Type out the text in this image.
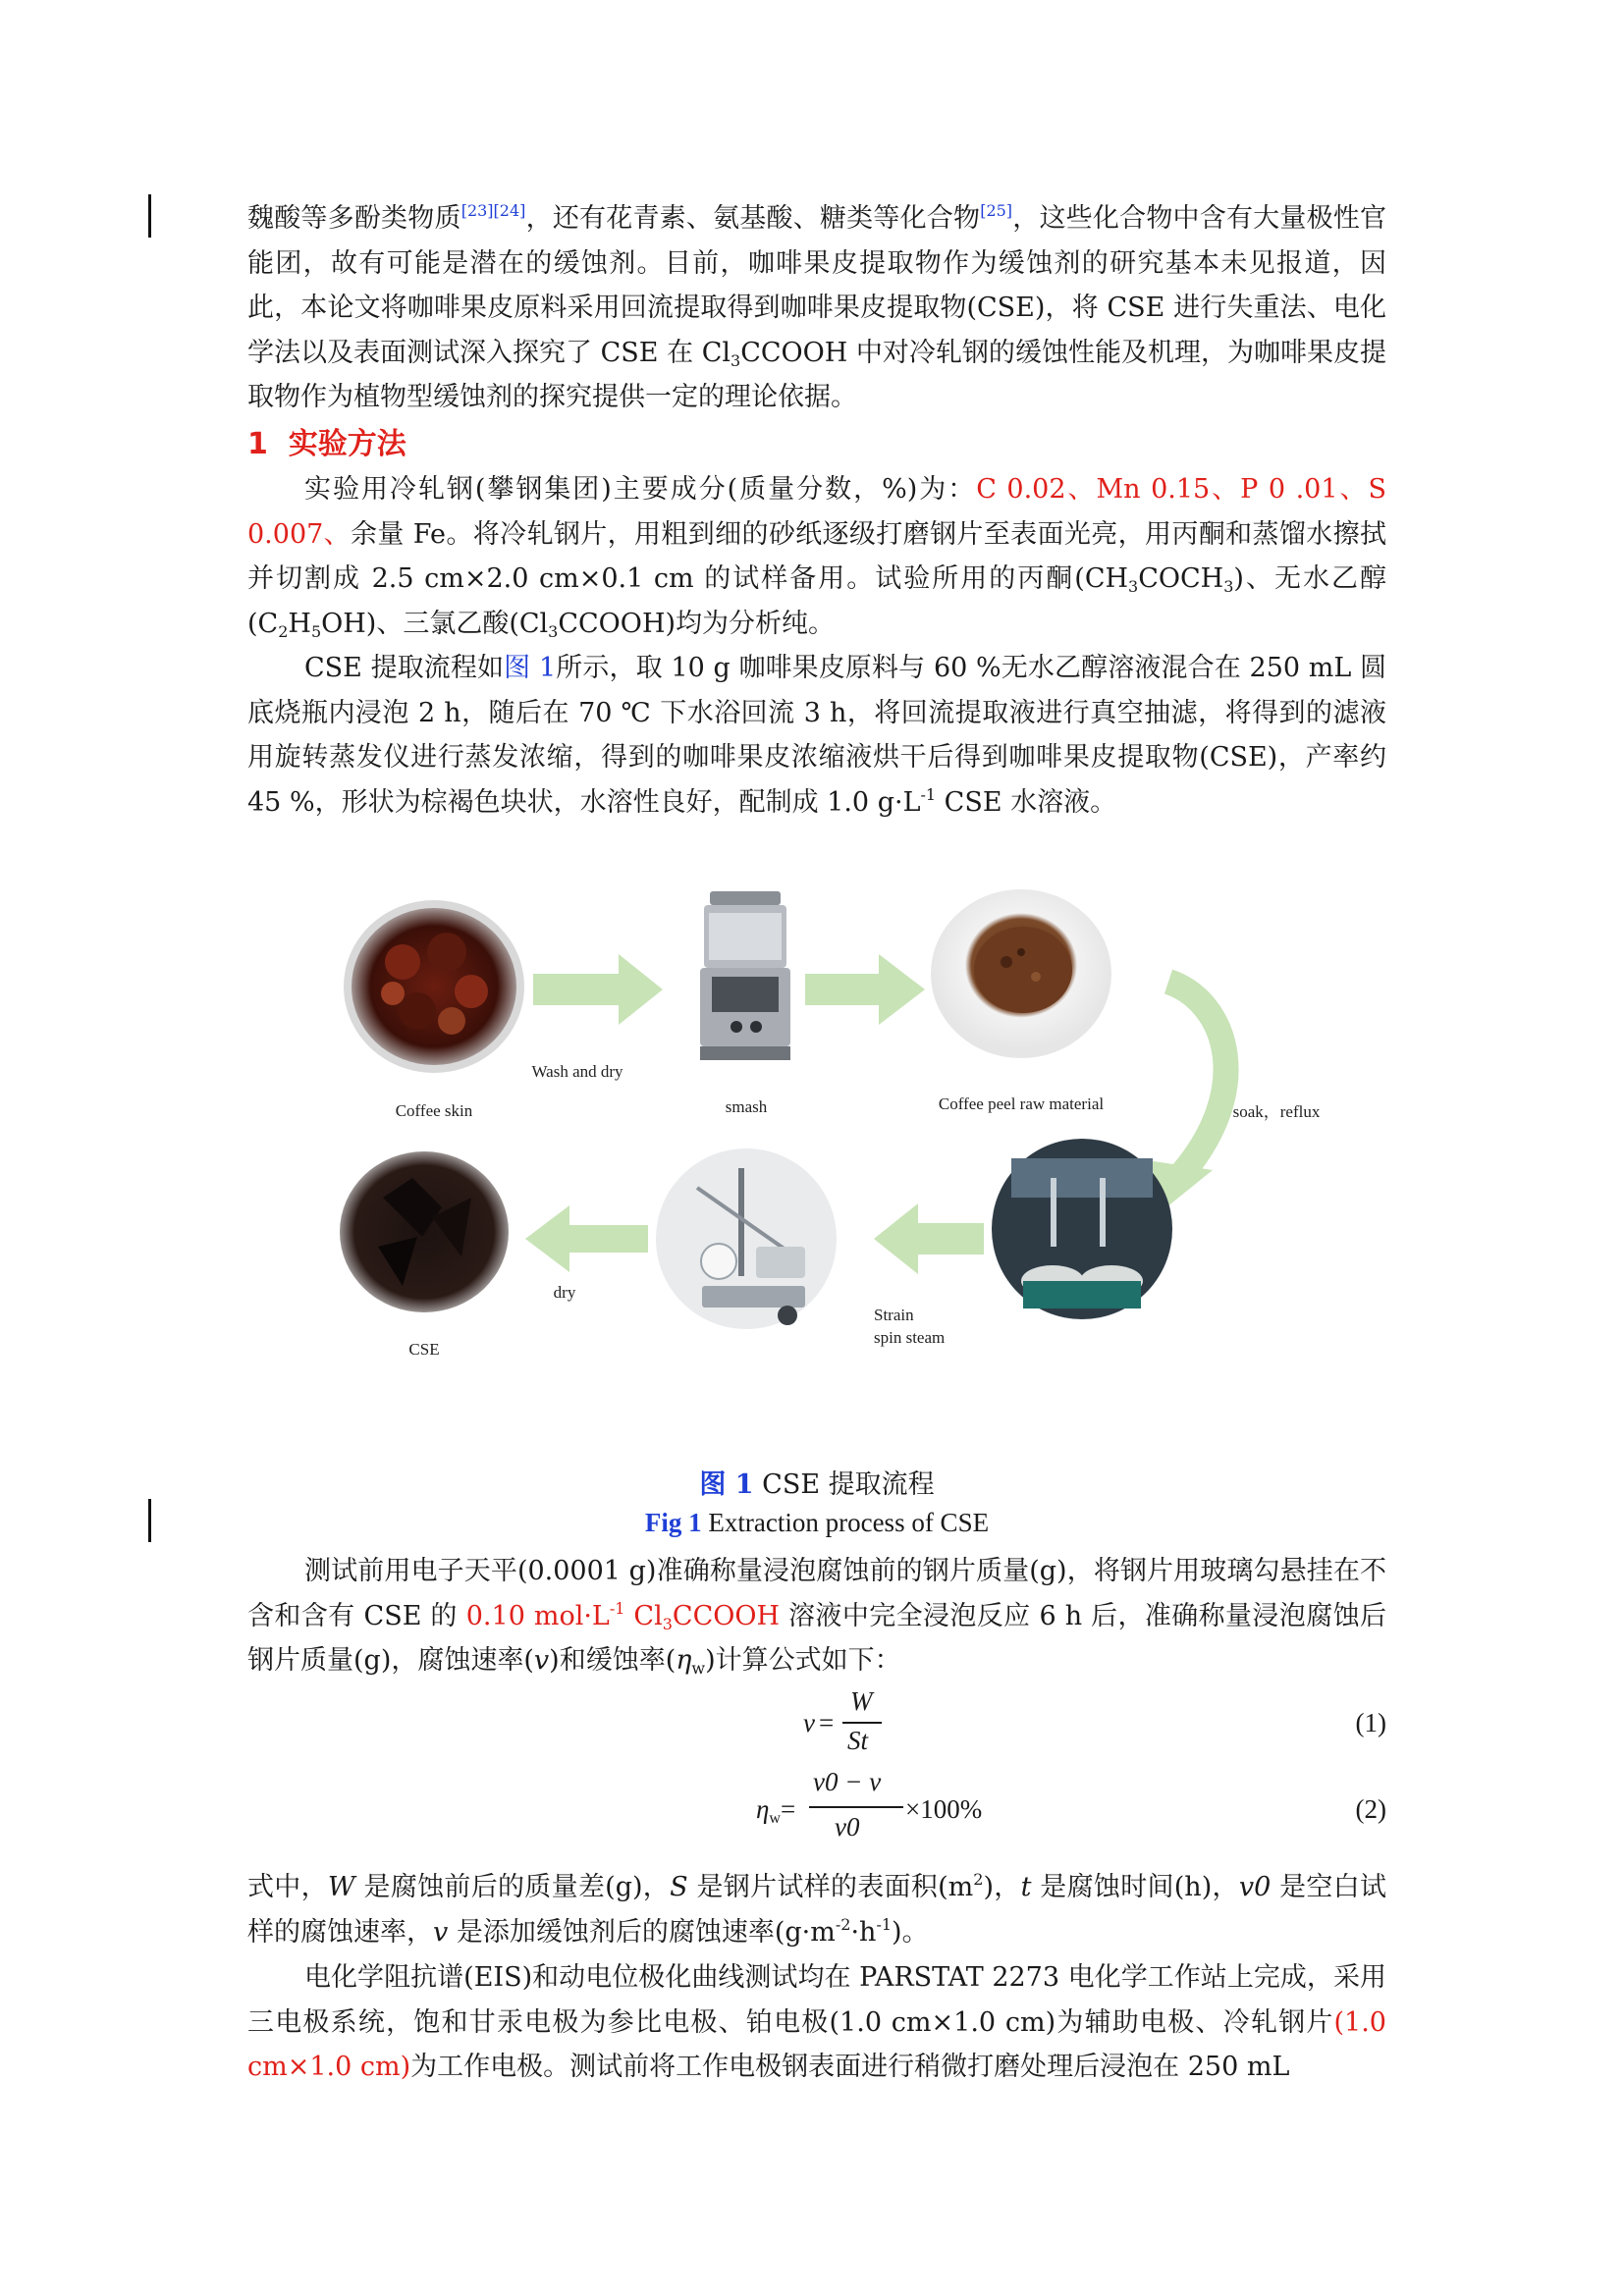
魏酸等多酚类物质[23][24]，还有花青素、氨基酸、糖类等化合物[25]，这些化合物中含有大量极性官能团，故有可能是潜在的缓蚀剂。目前，咖啡果皮提取物作为缓蚀剂的研究基本未见报道，因此，本论文将咖啡果皮原料采用回流提取得到咖啡果皮提取物(CSE)，将 CSE 进行失重法、电化学法以及表面测试深入探究了 CSE 在 $Cl_3CCOOH$ 中对冷轧钢的缓蚀性能及机理，为咖啡果皮提取物作为植物型缓蚀剂的探究提供一定的理论依据。

1 实验方法

实验用冷轧钢(攀钢集团)主要成分(质量分数，%)为：C 0.02、Mn 0.15、P 0 .01、S 0.007、余量 Fe。将冷轧钢片，用粗到细的砂纸逐级打磨钢片至表面光亮，用丙酮和蒸馏水擦拭并切割成 2.5 cm×2.0 cm×0.1 cm 的试样备用。试验所用的丙酮$(CH_3COCH_3)$、无水乙醇$(C_2H_5OH)$、三氯乙酸$(Cl_3CCOOH)$均为分析纯。

CSE 提取流程如图 1所示，取 10 g 咖啡果皮原料与 60 %无水乙醇溶液混合在 250 mL 圆底烧瓶内浸泡 2 h，随后在 70 ℃ 下水浴回流 3 h，将回流提取液进行真空抽滤，将得到的滤液用旋转蒸发仪进行蒸发浓缩，得到的咖啡果皮浓缩液烘干后得到咖啡果皮提取物(CSE)，产率约 45 %，形状为棕褐色块状，水溶性良好，配制成 1.0 $g\cdot L^{-1}$ CSE 水溶液。

Coffee skin
Wash and dry
smash	Coffee peel raw material	soak，reflux
Strain
spin steam
dry
CSE
图 1 CSE 提取流程
Fig 1 Extraction process of CSE

测试前用电子天平(0.0001 g)准确称量浸泡腐蚀前的钢片质量(g)，将钢片用玻璃勾悬挂在不含和含有 CSE 的 0.10 $mol\cdot L^{-1}$ $Cl_3CCOOH$ 溶液中完全浸泡反应 6 h 后，准确称量浸泡腐蚀后钢片质量(g)，腐蚀速率(v)和缓蚀率$(\eta_w)$计算公式如下：

v =
W
St
(1)
$\eta_w=$
v0 − v
v0
×100%	(2)

式中，W 是腐蚀前后的质量差(g)，S 是钢片试样的表面积$(m^2)$，t 是腐蚀时间(h)，v0 是空白试样的腐蚀速率，v 是添加缓蚀剂后的腐蚀速率$(g\cdot m^{-2}\cdot h^{-1})$。

电化学阻抗谱(EIS)和动电位极化曲线测试均在 PARSTAT 2273 电化学工作站上完成，采用三电极系统，饱和甘汞电极为参比电极、铂电极(1.0 cm×1.0 cm)为辅助电极、冷轧钢片(1.0 cm×1.0 cm)为工作电极。测试前将工作电极钢表面进行稍微打磨处理后浸泡在 250 mL
